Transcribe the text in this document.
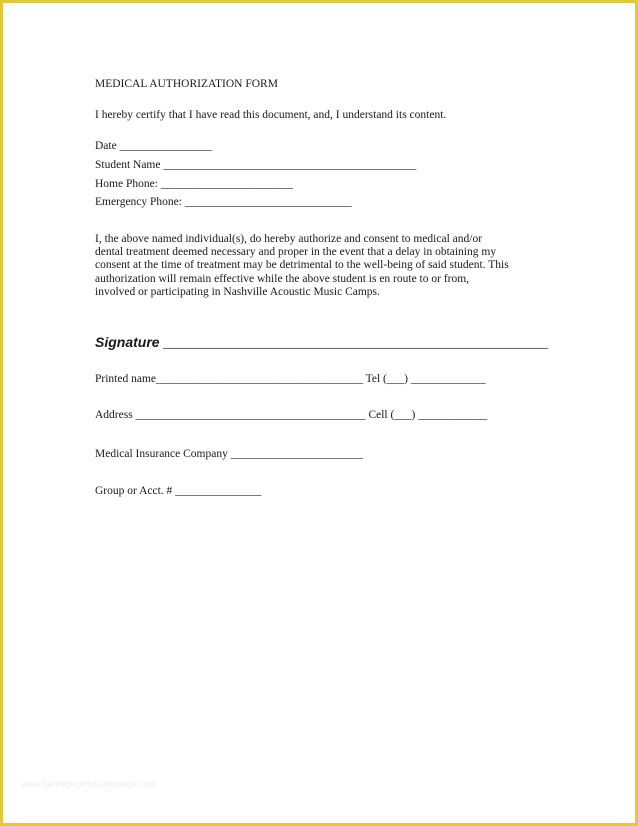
MEDICAL AUTHORIZATION FORM
I hereby certify that I have read this document, and, I understand its content.
Date ________________
Student Name ____________________________________________
Home Phone: _______________________
Emergency Phone: _____________________________
I, the above named individual(s), do hereby authorize and consent to medical and/or
dental treatment deemed necessary and proper in the event that a delay in obtaining my
consent at the time of treatment may be detrimental to the well-being of said student. This
authorization will remain effective while the above student is en route to or from,
involved or participating in Nashville Acoustic Music Camps.
Signature _______________________________________________________
Printed name____________________________________ Tel (___) _____________
Address ________________________________________ Cell (___) ____________
Medical Insurance Company _______________________
Group or Acct. # _______________
www.heritagechristiancollege.com
